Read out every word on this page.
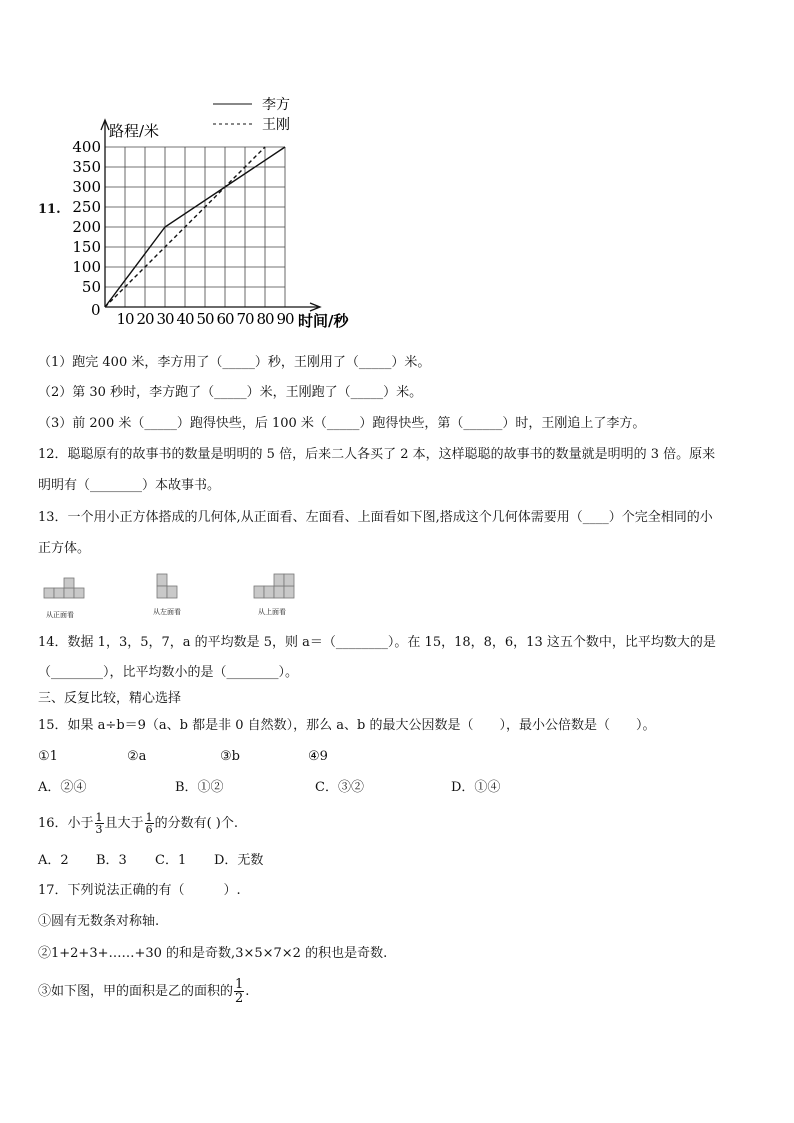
11.
50
100
150
200
250
300
350
400
0 10 20 30 40 50 60 70 80 90 时间/秒
路程/米
李方
王刚
（1）跑完 400 米，李方用了（_____）秒，王刚用了（_____）米。
（2）第 30 秒时，李方跑了（_____）米，王刚跑了（_____）米。
（3）前 200 米（_____）跑得快些，后 100 米（_____）跑得快些，第（______）时，王刚追上了李方。
12．聪聪原有的故事书的数量是明明的 5 倍，后来二人各买了 2 本，这样聪聪的故事书的数量就是明明的 3 倍。原来
明明有（________）本故事书。
13．一个用小正方体搭成的几何体,从正面看、左面看、上面看如下图,搭成这个几何体需要用（____）个完全相同的小
正方体。
从正面看	从左面看	从上面看
14．数据 1，3，5，7，a 的平均数是 5，则 a＝（________）。在 15，18，8，6，13 这五个数中，比平均数大的是
（________），比平均数小的是（________）。
三、反复比较，精心选择
15．如果 a÷b＝9（a、b 都是非 0 自然数），那么 a、b 的最大公因数是（　　），最小公倍数是（　　）。
①1	②a	③b	④9
A．②④	B．①②	C．③②	D．①④
16．小于 $\frac{1}{3}$ 且大于 $\frac{1}{6}$ 的分数有( )个.
A．2 B．3 C．1 D．无数
17．下列说法正确的有（　　　）.
①圆有无数条对称轴.
②1+2+3+……+30 的和是奇数,3×5×7×2 的积也是奇数.
③如下图，甲的面积是乙的面积的 $\frac{1}{2}$ .
